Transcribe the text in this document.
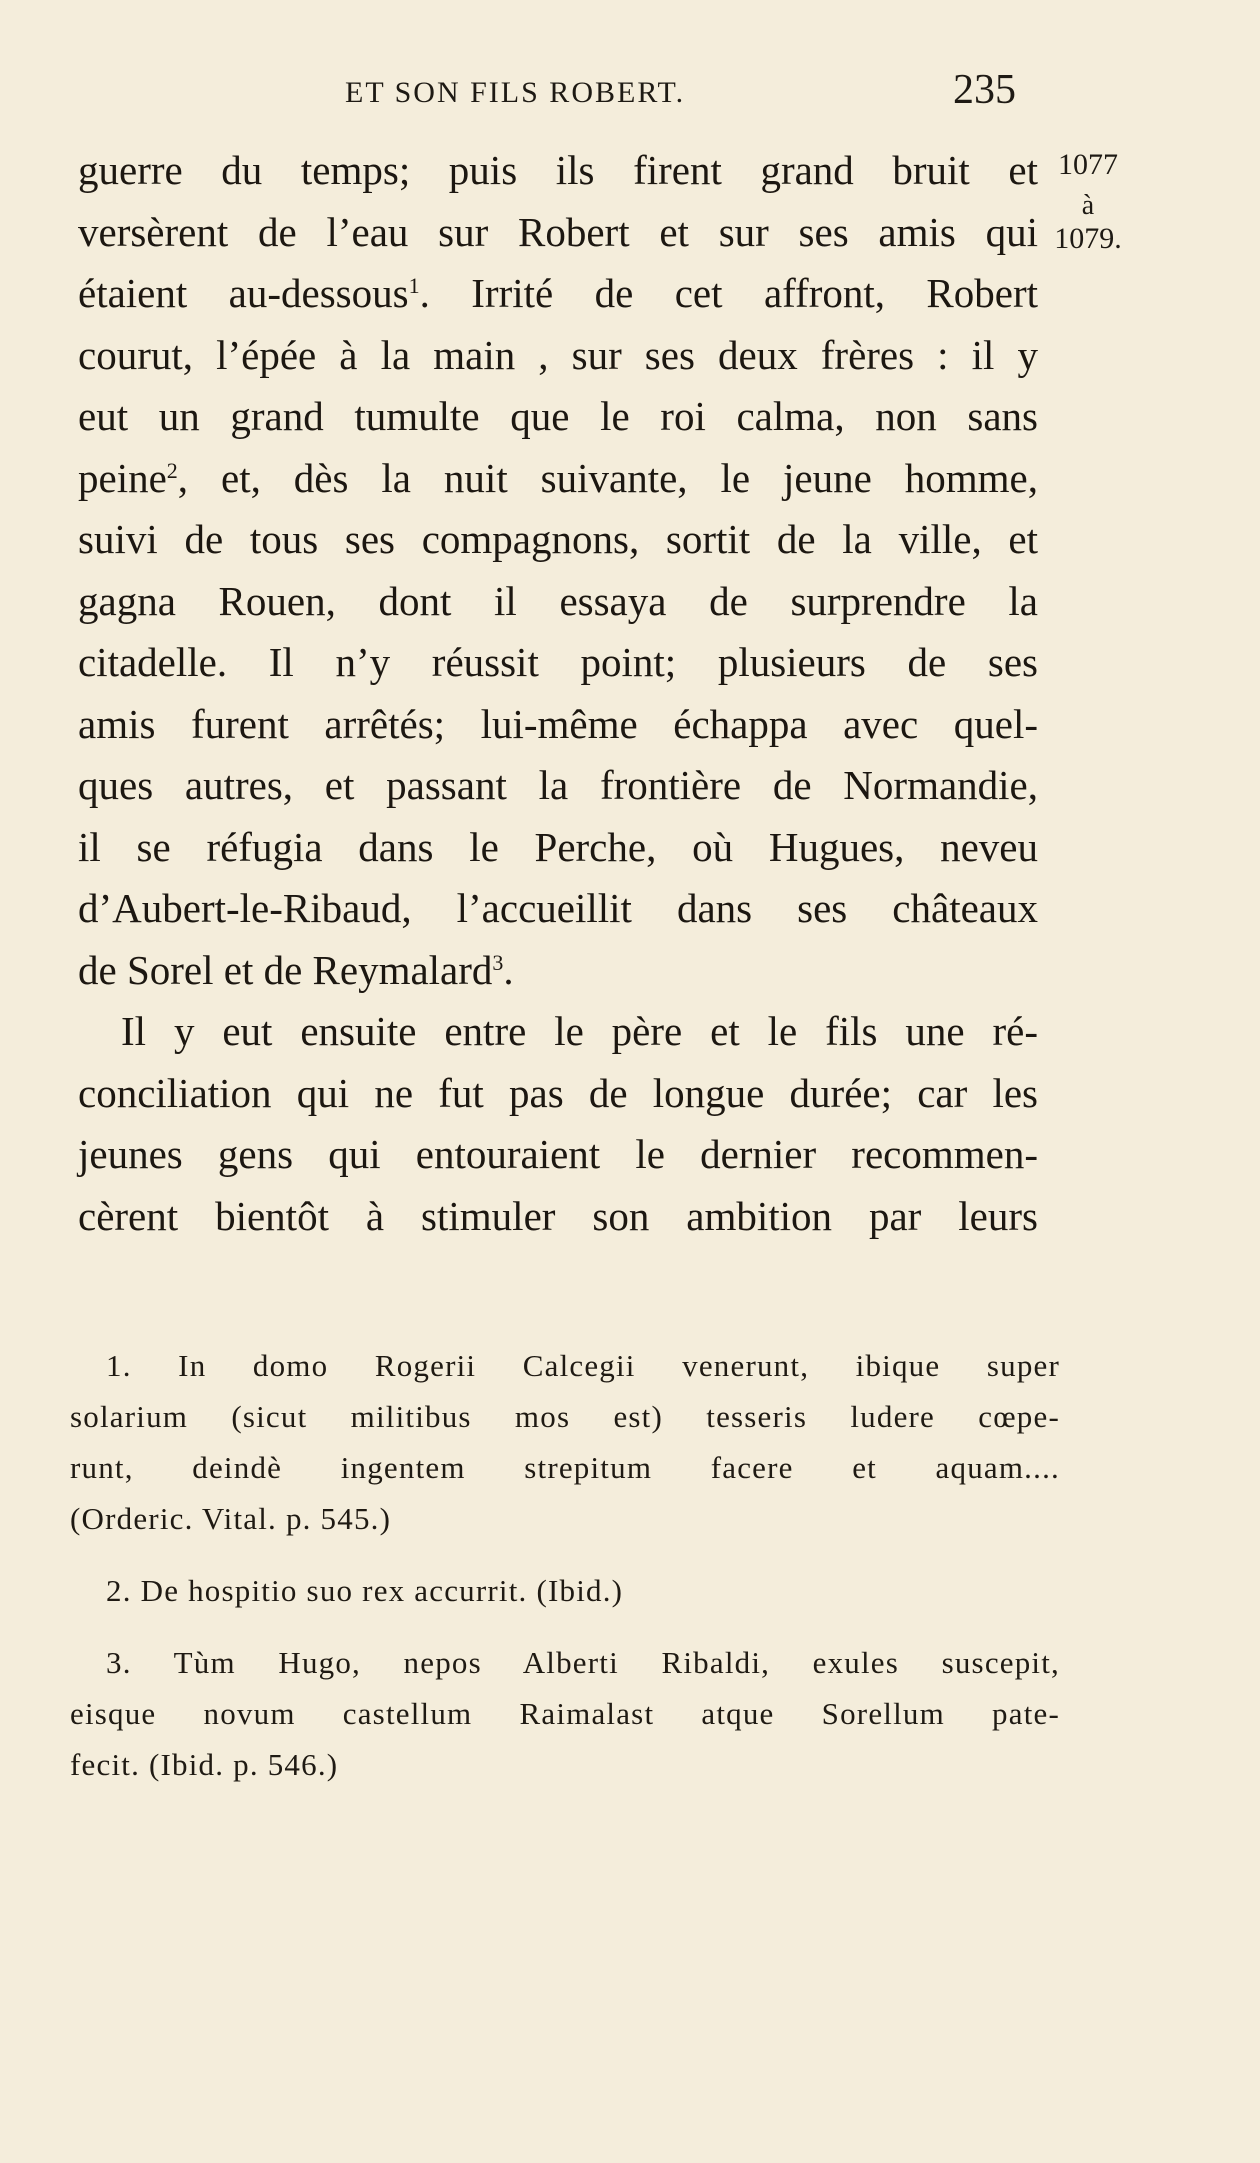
ET SON FILS ROBERT.	235
1077
à
1079.
guerre du temps; puis ils firent grand bruit et
versèrent de l’eau sur Robert et sur ses amis qui
étaient au-dessous$^1$. Irrité de cet affront, Robert
courut, l’épée à la main , sur ses deux frères : il y
eut un grand tumulte que le roi calma, non sans
peine$^2$, et, dès la nuit suivante, le jeune homme,
suivi de tous ses compagnons, sortit de la ville, et
gagna Rouen, dont il essaya de surprendre la
citadelle. Il n’y réussit point; plusieurs de ses
amis furent arrêtés; lui-même échappa avec quel-
ques autres, et passant la frontière de Normandie,
il se réfugia dans le Perche, où Hugues, neveu
d’Aubert-le-Ribaud, l’accueillit dans ses châteaux
de Sorel et de Reymalard$^3$.
Il y eut ensuite entre le père et le fils une ré-
conciliation qui ne fut pas de longue durée; car les
jeunes gens qui entouraient le dernier recommen-
cèrent bientôt à stimuler son ambition par leurs
1. In domo Rogerii Calcegii venerunt, ibique super
solarium (sicut militibus mos est) tesseris ludere cœpe-
runt, deindè ingentem strepitum facere et aquam....
(Orderic. Vital. p. 545.)
2. De hospitio suo rex accurrit. (Ibid.)
3. Tùm Hugo, nepos Alberti Ribaldi, exules suscepit,
eisque novum castellum Raimalast atque Sorellum pate-
fecit. (Ibid. p. 546.)
